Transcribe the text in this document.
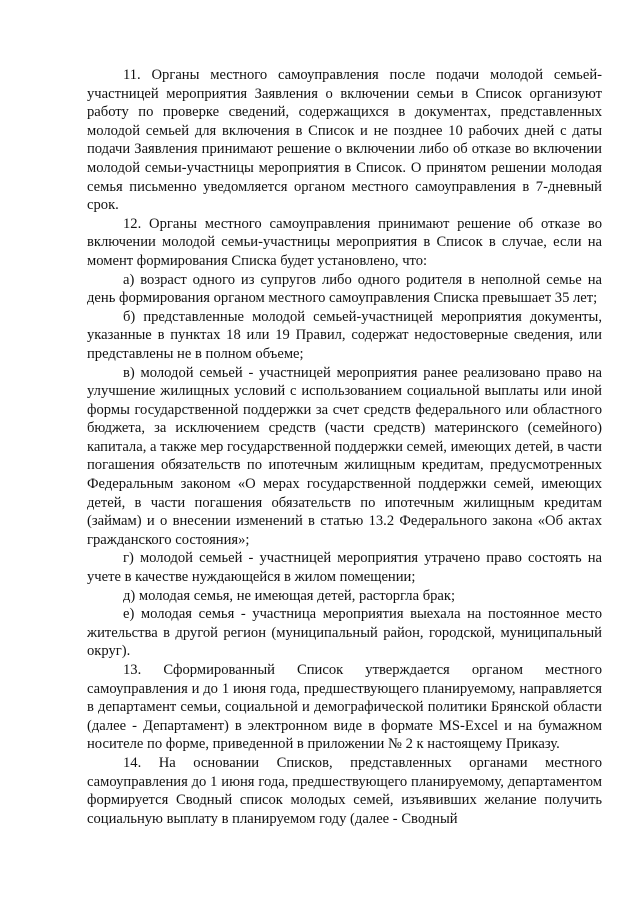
11. Органы местного самоуправления после подачи молодой семьей-участницей мероприятия Заявления о включении семьи в Список организуют работу по проверке сведений, содержащихся в документах, представленных молодой семьей для включения в Список и не позднее 10 рабочих дней с даты подачи Заявления принимают решение о включении либо об отказе во включении молодой семьи-участницы мероприятия в Список. О принятом решении молодая семья письменно уведомляется органом местного самоуправления в 7-дневный срок.

12. Органы местного самоуправления принимают решение об отказе во включении молодой семьи-участницы мероприятия в Список в случае, если на момент формирования Списка будет установлено, что:

а) возраст одного из супругов либо одного родителя в неполной семье на день формирования органом местного самоуправления Списка превышает 35 лет;

б) представленные молодой семьей-участницей мероприятия документы, указанные в пунктах 18 или 19 Правил, содержат недостоверные сведения, или представлены не в полном объеме;

в) молодой семьей - участницей мероприятия ранее реализовано право на улучшение жилищных условий с использованием социальной выплаты или иной формы государственной поддержки за счет средств федерального или областного бюджета, за исключением средств (части средств) материнского (семейного) капитала, а также мер государственной поддержки семей, имеющих детей, в части погашения обязательств по ипотечным жилищным кредитам, предусмотренных Федеральным законом «О мерах государственной поддержки семей, имеющих детей, в части погашения обязательств по ипотечным жилищным кредитам (займам) и о внесении изменений в статью 13.2 Федерального закона «Об актах гражданского состояния»;

г) молодой семьей - участницей мероприятия утрачено право состоять на учете в качестве нуждающейся в жилом помещении;

д) молодая семья, не имеющая детей, расторгла брак;

е) молодая семья - участница мероприятия выехала на постоянное место жительства в другой регион (муниципальный район, городской, муниципальный округ).

13. Сформированный Список утверждается органом местного самоуправления и до 1 июня года, предшествующего планируемому, направляется в департамент семьи, социальной и демографической политики Брянской области (далее - Департамент) в электронном виде в формате MS-Excel и на бумажном носителе по форме, приведенной в приложении № 2 к настоящему Приказу.

14. На основании Списков, представленных органами местного самоуправления до 1 июня года, предшествующего планируемому, департаментом формируется Сводный список молодых семей, изъявивших желание получить социальную выплату в планируемом году (далее - Сводный
